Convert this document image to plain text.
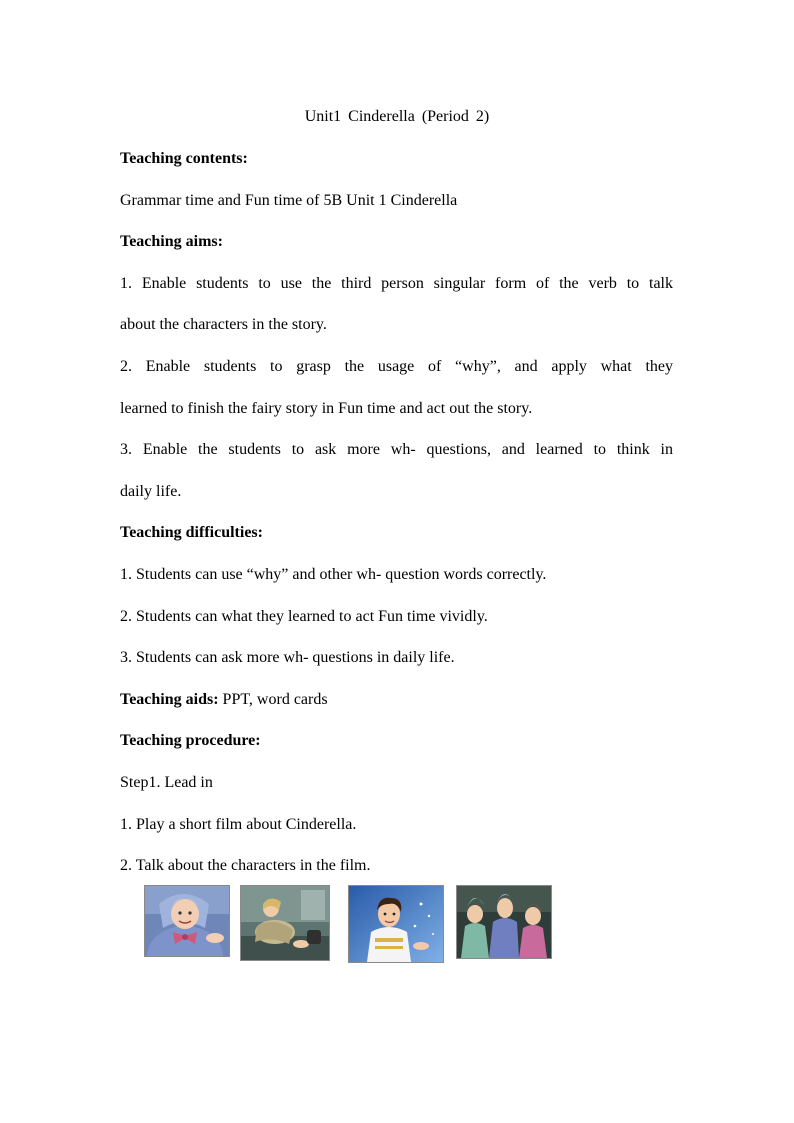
Unit1 Cinderella (Period 2)
Teaching contents:
Grammar time and Fun time of 5B Unit 1 Cinderella
Teaching aims:
1. Enable students to use the third person singular form of the verb to talk
about the characters in the story.
2. Enable students to grasp the usage of “why”, and apply what they
learned to finish the fairy story in Fun time and act out the story.
3. Enable the students to ask more wh- questions, and learned to think in
daily life.
Teaching difficulties:
1. Students can use “why” and other wh- question words correctly.
2. Students can what they learned to act Fun time vividly.
3. Students can ask more wh- questions in daily life.
Teaching aids: PPT, word cards
Teaching procedure:
Step1. Lead in
1. Play a short film about Cinderella.
2. Talk about the characters in the film.
